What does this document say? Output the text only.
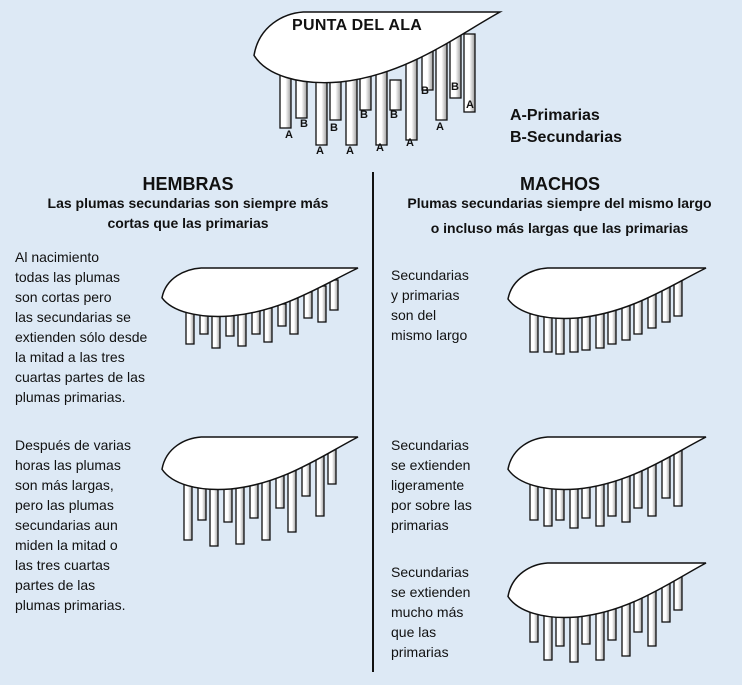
A
B
A
B
A
B
A
B
A
B
A
B
A
PUNTA DEL ALA
A-Primarias
B-Secundarias
HEMBRAS
Las plumas secundarias son siempre más
cortas que las primarias
MACHOS
Plumas secundarias siempre del mismo largo
o incluso más largas que las primarias
Al nacimiento
todas las plumas
son cortas pero
las secundarias se
extienden sólo desde
la mitad a las tres
cuartas partes de las
plumas primarias.
Después de varias
horas las plumas
son más largas,
pero las plumas
secundarias aun
miden la mitad o
las tres cuartas
partes de las
plumas primarias.
Secundarias
y primarias
son del
mismo largo
Secundarias
se extienden
ligeramente
por sobre las
primarias
Secundarias
se extienden
mucho más
que las
primarias
